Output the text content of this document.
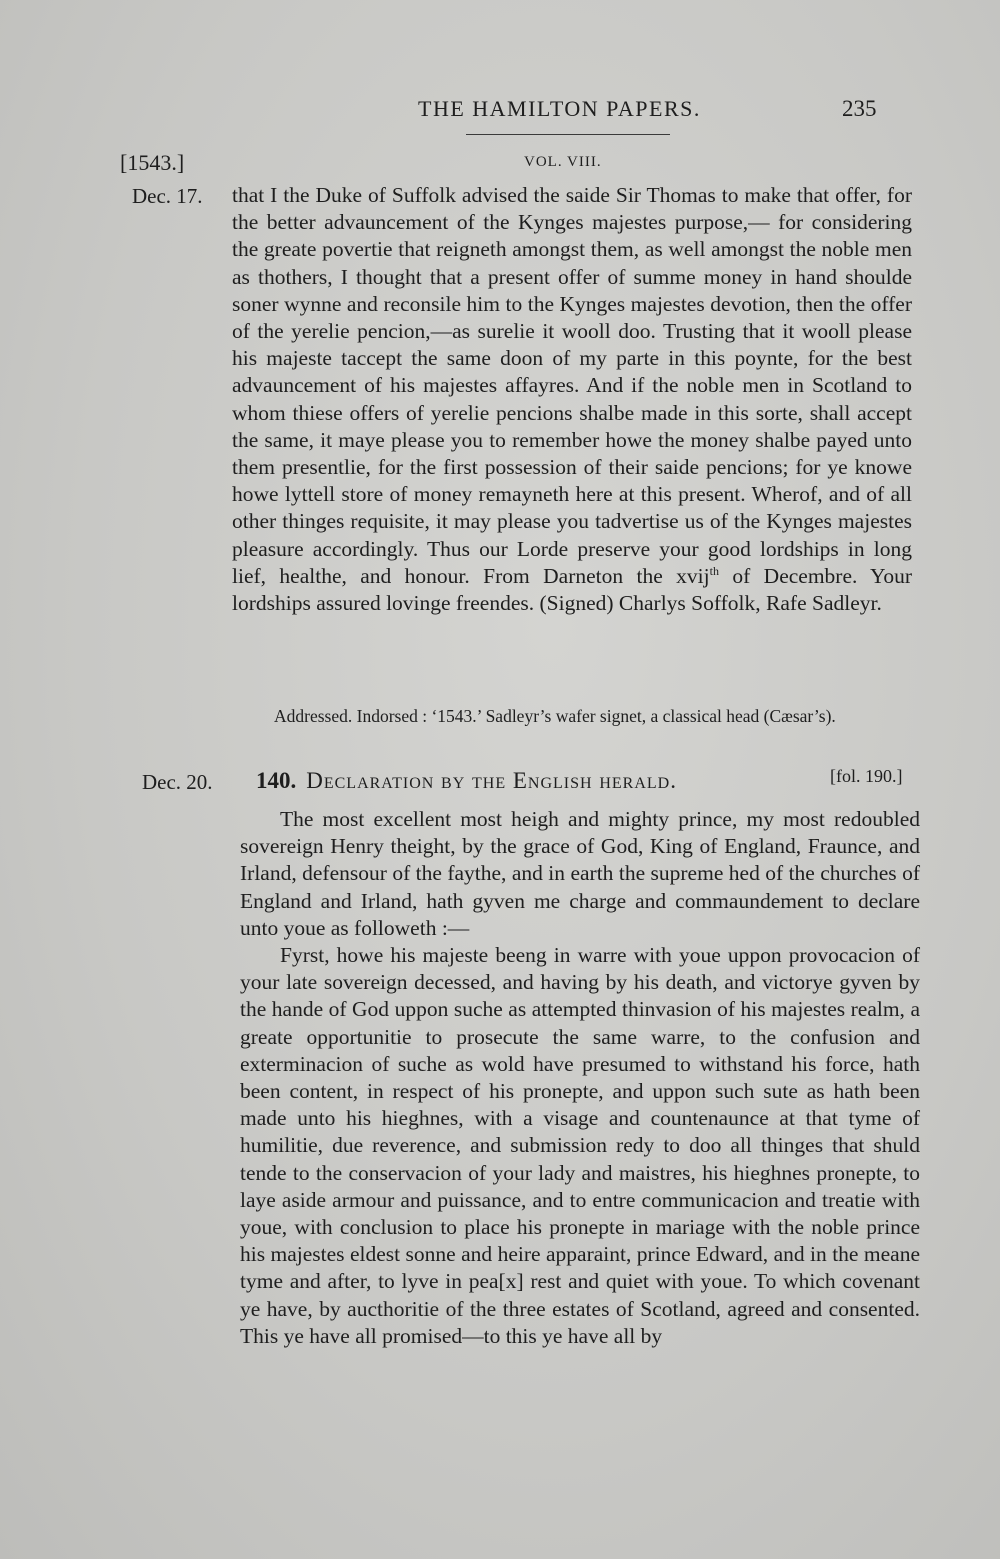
THE HAMILTON PAPERS.	235
[1543.]	VOL. VIII.
Dec. 17. that I the Duke of Suffolk advised the saide Sir Thomas to make that offer, for the better advauncement of the Kynges majestes purpose,— for considering the greate povertie that reigneth amongst them, as well amongst the noble men as thothers, I thought that a present offer of summe money in hand shoulde soner wynne and reconsile him to the Kynges majestes devotion, then the offer of the yerelie pencion,—as surelie it wooll doo. Trusting that it wooll please his majeste taccept the same doon of my parte in this poynte, for the best advauncement of his majestes affayres. And if the noble men in Scotland to whom thiese offers of yerelie pencions shalbe made in this sorte, shall accept the same, it maye please you to remember howe the money shalbe payed unto them presentlie, for the first possession of their saide pencions; for ye knowe howe lyttell store of money remayneth here at this present. Wherof, and of all other thinges requisite, it may please you tadvertise us of the Kynges majestes pleasure accordingly. Thus our Lorde preserve your good lordships in long lief, healthe, and honour. From Darneton the xvij$^{th}$ of Decembre. Your lordships assured lovinge freendes. (Signed) Charlys Soffolk, Rafe Sadleyr.

Addressed. Indorsed : ‘1543.’ Sadleyr’s wafer signet, a classical head (Cæsar’s).
Dec. 20. 140. Declaration by the English herald.	[fol. 190.]

The most excellent most heigh and mighty prince, my most redoubled sovereign Henry theight, by the grace of God, King of England, Fraunce, and Irland, defensour of the faythe, and in earth the supreme hed of the churches of England and Irland, hath gyven me charge and commaundement to declare unto youe as followeth :—

Fyrst, howe his majeste beeng in warre with youe uppon provocacion of your late sovereign decessed, and having by his death, and victorye gyven by the hande of God uppon suche as attempted thinvasion of his majestes realm, a greate opportunitie to prosecute the same warre, to the confusion and exterminacion of suche as wold have presumed to withstand his force, hath been content, in respect of his pronepte, and uppon such sute as hath been made unto his hieghnes, with a visage and countenaunce at that tyme of humilitie, due reverence, and submission redy to doo all thinges that shuld tende to the conservacion of your lady and maistres, his hieghnes pronepte, to laye aside armour and puissance, and to entre communicacion and treatie with youe, with conclusion to place his pronepte in mariage with the noble prince his majestes eldest sonne and heire apparaint, prince Edward, and in the meane tyme and after, to lyve in pea[x] rest and quiet with youe. To which covenant ye have, by aucthoritie of the three estates of Scotland, agreed and consented. This ye have all promised—to this ye have all by
